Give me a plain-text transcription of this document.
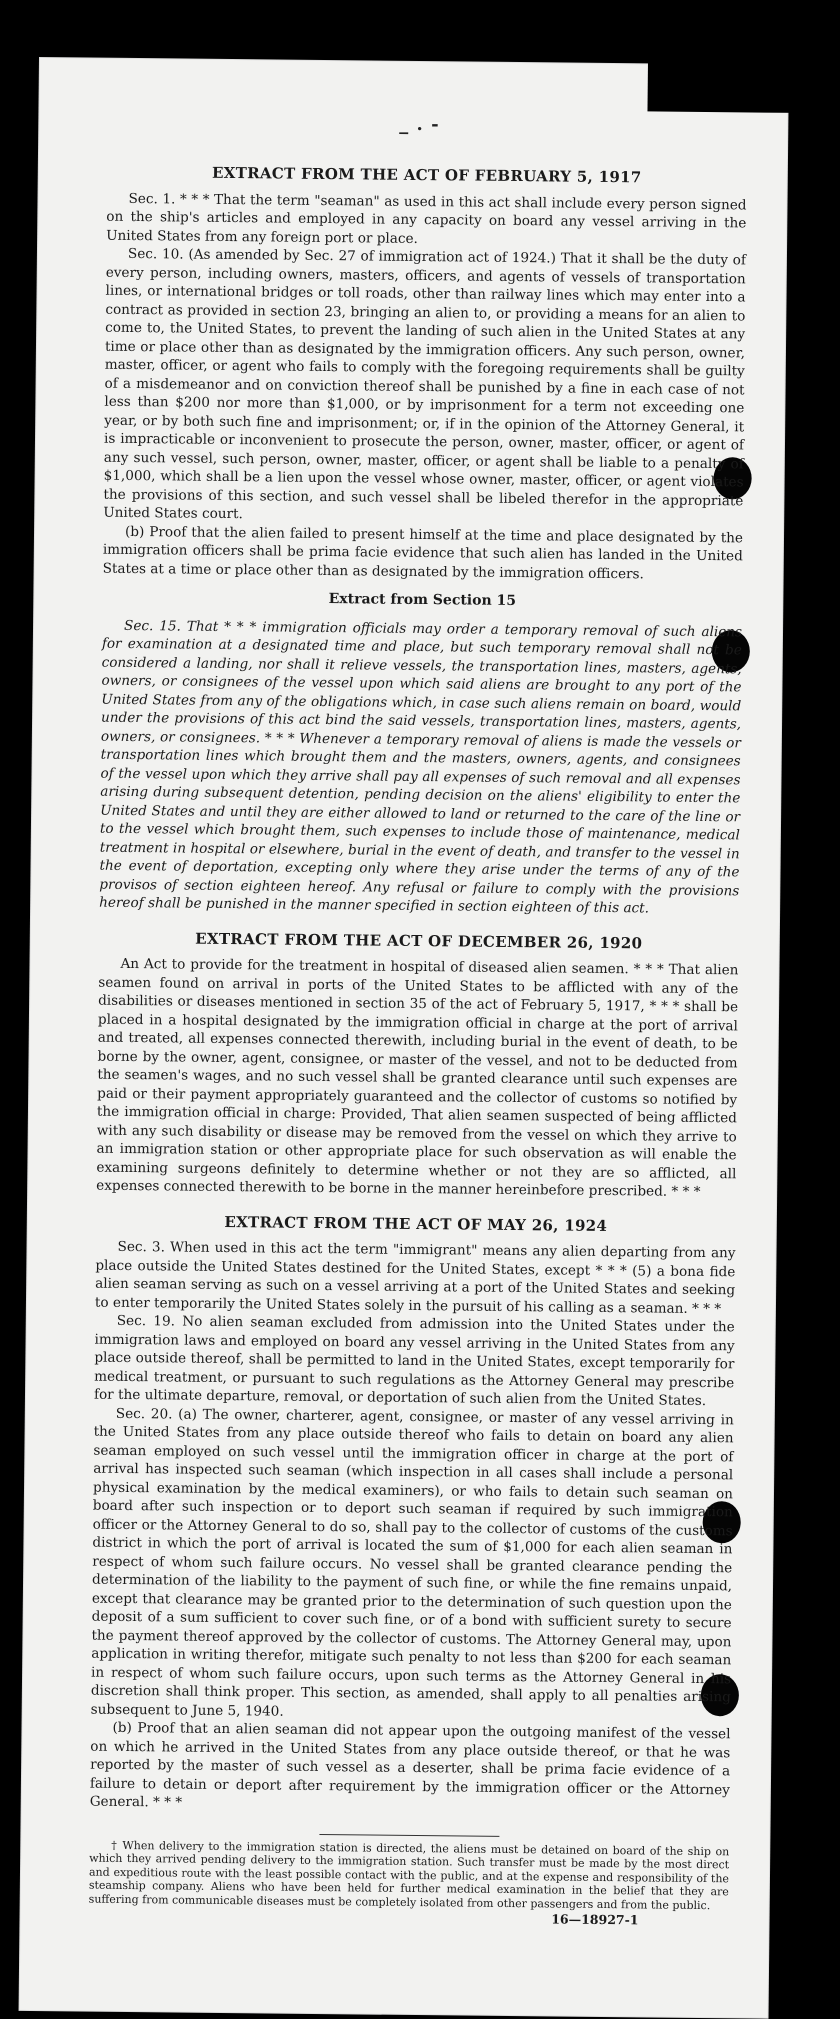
_ . -
EXTRACT FROM THE ACT OF FEBRUARY 5, 1917

Sec. 1. * * * That the term "seaman" as used in this act shall include every person signed on the ship's articles and employed in any capacity on board any vessel arriving in the United States from any foreign port or place.

Sec. 10. (As amended by Sec. 27 of immigration act of 1924.) That it shall be the duty of every person, including owners, masters, officers, and agents of vessels of transportation lines, or international bridges or toll roads, other than railway lines which may enter into a contract as provided in section 23, bringing an alien to, or providing a means for an alien to come to, the United States, to prevent the landing of such alien in the United States at any time or place other than as designated by the immigration officers. Any such person, owner, master, officer, or agent who fails to comply with the foregoing requirements shall be guilty of a misdemeanor and on conviction thereof shall be punished by a fine in each case of not less than $200 nor more than $1,000, or by imprisonment for a term not exceeding one year, or by both such fine and imprisonment; or, if in the opinion of the Attorney General, it is impracticable or inconvenient to prosecute the person, owner, master, officer, or agent of any such vessel, such person, owner, master, officer, or agent shall be liable to a penalty of $1,000, which shall be a lien upon the vessel whose owner, master, officer, or agent violates the provisions of this section, and such vessel shall be libeled therefor in the appropriate United States court.

(b) Proof that the alien failed to present himself at the time and place designated by the immigration officers shall be prima facie evidence that such alien has landed in the United States at a time or place other than as designated by the immigration officers.

Extract from Section 15

Sec. 15. That * * * immigration officials may order a temporary removal of such aliens for examination at a designated time and place, but such temporary removal shall not be considered a landing, nor shall it relieve vessels, the transportation lines, masters, agents, owners, or consignees of the vessel upon which said aliens are brought to any port of the United States from any of the obligations which, in case such aliens remain on board, would under the provisions of this act bind the said vessels, transportation lines, masters, agents, owners, or consignees. * * * Whenever a temporary removal of aliens is made the vessels or transportation lines which brought them and the masters, owners, agents, and consignees of the vessel upon which they arrive shall pay all expenses of such removal and all expenses arising during subsequent detention, pending decision on the aliens' eligibility to enter the United States and until they are either allowed to land or returned to the care of the line or to the vessel which brought them, such expenses to include those of maintenance, medical treatment in hospital or elsewhere, burial in the event of death, and transfer to the vessel in the event of deportation, excepting only where they arise under the terms of any of the provisos of section eighteen hereof. Any refusal or failure to comply with the provisions hereof shall be punished in the manner specified in section eighteen of this act.

EXTRACT FROM THE ACT OF DECEMBER 26, 1920

An Act to provide for the treatment in hospital of diseased alien seamen. * * * That alien seamen found on arrival in ports of the United States to be afflicted with any of the disabilities or diseases mentioned in section 35 of the act of February 5, 1917, * * * shall be placed in a hospital designated by the immigration official in charge at the port of arrival and treated, all expenses connected therewith, including burial in the event of death, to be borne by the owner, agent, consignee, or master of the vessel, and not to be deducted from the seamen's wages, and no such vessel shall be granted clearance until such expenses are paid or their payment appropriately guaranteed and the collector of customs so notified by the immigration official in charge: Provided, That alien seamen suspected of being afflicted with any such disability or disease may be removed from the vessel on which they arrive to an immigration station or other appropriate place for such observation as will enable the examining surgeons definitely to determine whether or not they are so afflicted, all expenses connected therewith to be borne in the manner hereinbefore prescribed. * * *

EXTRACT FROM THE ACT OF MAY 26, 1924

Sec. 3. When used in this act the term "immigrant" means any alien departing from any place outside the United States destined for the United States, except * * * (5) a bona fide alien seaman serving as such on a vessel arriving at a port of the United States and seeking to enter temporarily the United States solely in the pursuit of his calling as a seaman. * * *

Sec. 19. No alien seaman excluded from admission into the United States under the immigration laws and employed on board any vessel arriving in the United States from any place outside thereof, shall be permitted to land in the United States, except temporarily for medical treatment, or pursuant to such regulations as the Attorney General may prescribe for the ultimate departure, removal, or deportation of such alien from the United States.

Sec. 20. (a) The owner, charterer, agent, consignee, or master of any vessel arriving in the United States from any place outside thereof who fails to detain on board any alien seaman employed on such vessel until the immigration officer in charge at the port of arrival has inspected such seaman (which inspection in all cases shall include a personal physical examination by the medical examiners), or who fails to detain such seaman on board after such inspection or to deport such seaman if required by such immigration officer or the Attorney General to do so, shall pay to the collector of customs of the customs district in which the port of arrival is located the sum of $1,000 for each alien seaman in respect of whom such failure occurs. No vessel shall be granted clearance pending the determination of the liability to the payment of such fine, or while the fine remains unpaid, except that clearance may be granted prior to the determination of such question upon the deposit of a sum sufficient to cover such fine, or of a bond with sufficient surety to secure the payment thereof approved by the collector of customs. The Attorney General may, upon application in writing therefor, mitigate such penalty to not less than $200 for each seaman in respect of whom such failure occurs, upon such terms as the Attorney General in his discretion shall think proper. This section, as amended, shall apply to all penalties arising subsequent to June 5, 1940.

(b) Proof that an alien seaman did not appear upon the outgoing manifest of the vessel on which he arrived in the United States from any place outside thereof, or that he was reported by the master of such vessel as a deserter, shall be prima facie evidence of a failure to detain or deport after requirement by the immigration officer or the Attorney General. * * *

† When delivery to the immigration station is directed, the aliens must be detained on board of the ship on which they arrived pending delivery to the immigration station. Such transfer must be made by the most direct and expeditious route with the least possible contact with the public, and at the expense and responsibility of the steamship company. Aliens who have been held for further medical examination in the belief that they are suffering from communicable diseases must be completely isolated from other passengers and from the public.

16—18927-1
